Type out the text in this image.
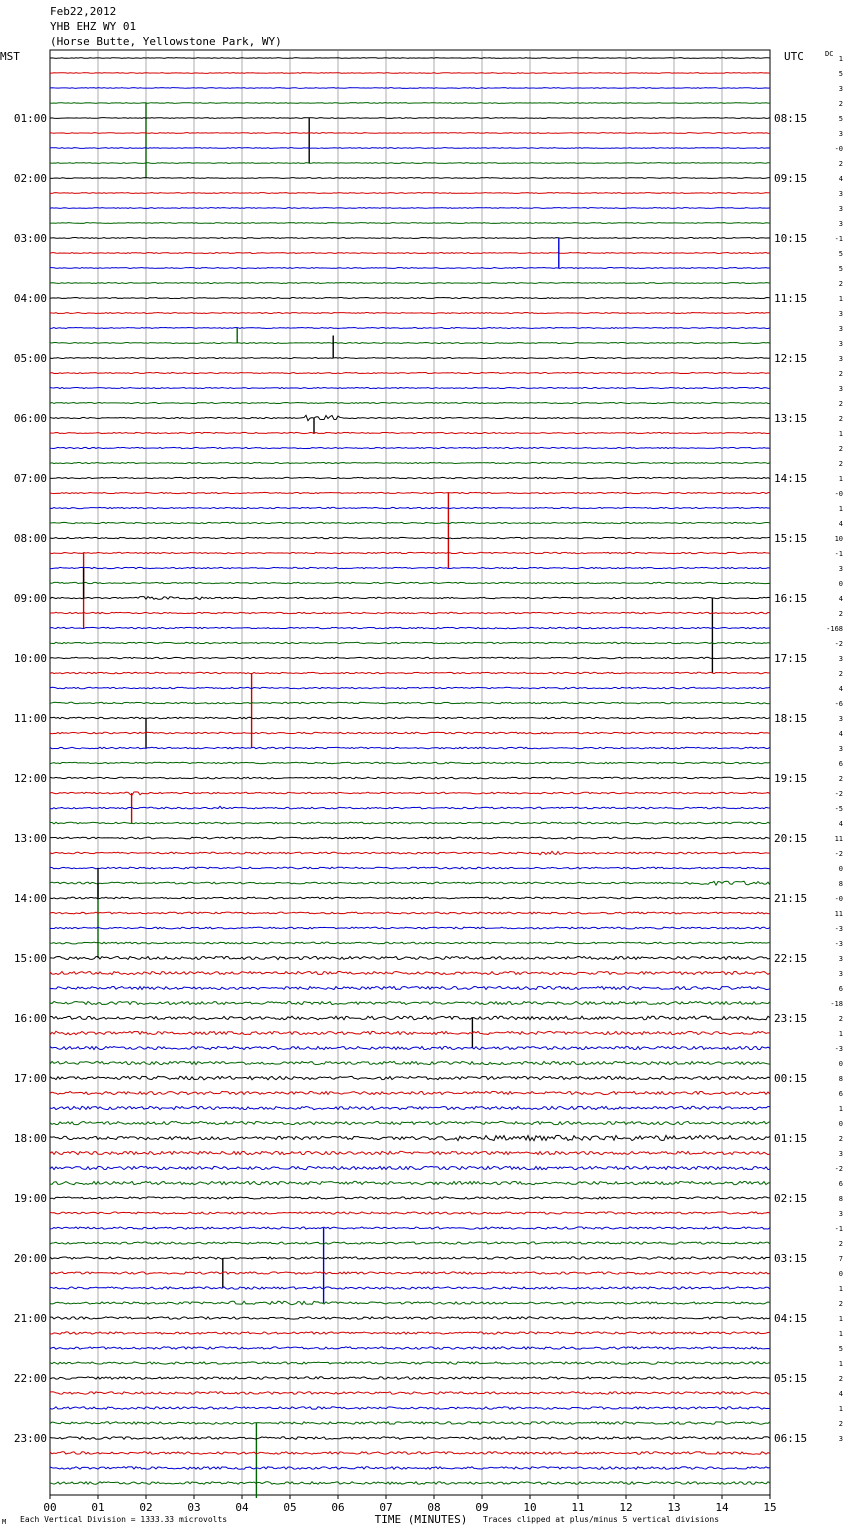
Feb22,2012
YHB EHZ WY 01
(Horse Butte, Yellowstone Park, WY)
1
5
3
2
5
3
-0
2
4
3
3
3
-1
5
5
2
1
3
3
3
3
2
3
2
2
1
2
2
1
-0
1
4
10
-1
3
0
4
2
-168
-2
3
2
4
-6
3
4
3
6
2
-2
-5
4
11
-2
0
8
-0
11
-3
-3
3
3
6
-18
2
1
-3
0
8
6
1
0
2
3
-2
6
8
3
-1
2
7
0
1
2
1
1
5
1
2
4
1
2
3
MST	UTC	DC
01:00
02:00
03:00
04:00
05:00
06:00
07:00
08:00
09:00
10:00
11:00
12:00
13:00
14:00
15:00
16:00
17:00
18:00
19:00
20:00
21:00
22:00
23:00
08:15
09:15
10:15
11:15
12:15
13:15
14:15
15:15
16:15
17:15
18:15
19:15
20:15
21:15
22:15
23:15
00:15
01:15
02:15
03:15
04:15
05:15
06:15
00	01	02	03	04	05	06	07	08	09	10	11	12	13	14	15
TIME (MINUTES)
Each Vertical Division = 1333.33 microvolts	Traces clipped at plus/minus 5 vertical divisions
M
